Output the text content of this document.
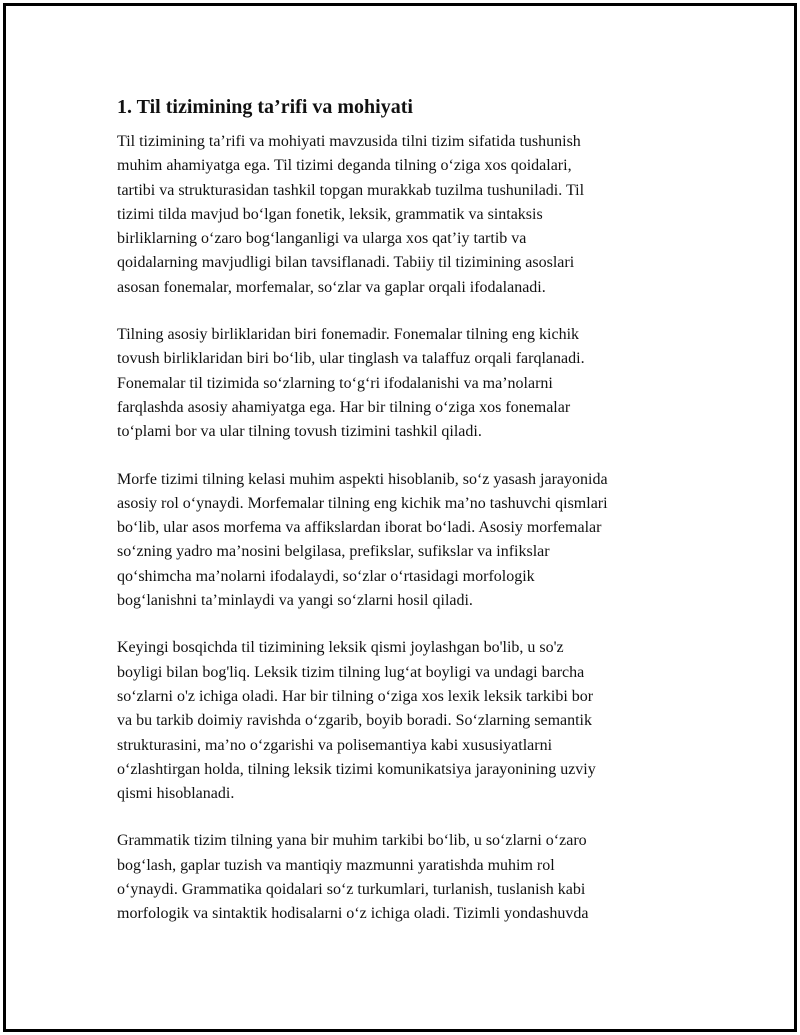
1. Til tizimining ta’rifi va mohiyati

Til tizimining ta’rifi va mohiyati mavzusida tilni tizim sifatida tushunish
muhim ahamiyatga ega. Til tizimi deganda tilning o‘ziga xos qoidalari,
tartibi va strukturasidan tashkil topgan murakkab tuzilma tushuniladi. Til
tizimi tilda mavjud bo‘lgan fonetik, leksik, grammatik va sintaksis
birliklarning o‘zaro bog‘langanligi va ularga xos qat’iy tartib va
qoidalarning mavjudligi bilan tavsiflanadi. Tabiiy til tizimining asoslari
asosan fonemalar, morfemalar, so‘zlar va gaplar orqali ifodalanadi.

Tilning asosiy birliklaridan biri fonemadir. Fonemalar tilning eng kichik
tovush birliklaridan biri bo‘lib, ular tinglash va talaffuz orqali farqlanadi.
Fonemalar til tizimida so‘zlarning to‘g‘ri ifodalanishi va ma’nolarni
farqlashda asosiy ahamiyatga ega. Har bir tilning o‘ziga xos fonemalar
to‘plami bor va ular tilning tovush tizimini tashkil qiladi.

Morfe tizimi tilning kelasi muhim aspekti hisoblanib, so‘z yasash jarayonida
asosiy rol o‘ynaydi. Morfemalar tilning eng kichik ma’no tashuvchi qismlari
bo‘lib, ular asos morfema va affikslardan iborat bo‘ladi. Asosiy morfemalar
so‘zning yadro ma’nosini belgilasa, prefikslar, sufikslar va infikslar
qo‘shimcha ma’nolarni ifodalaydi, so‘zlar o‘rtasidagi morfologik
bog‘lanishni ta’minlaydi va yangi so‘zlarni hosil qiladi.

Keyingi bosqichda til tizimining leksik qismi joylashgan bo'lib, u so'z
boyligi bilan bog'liq. Leksik tizim tilning lug‘at boyligi va undagi barcha
so‘zlarni o'z ichiga oladi. Har bir tilning o‘ziga xos lexik leksik tarkibi bor
va bu tarkib doimiy ravishda o‘zgarib, boyib boradi. So‘zlarning semantik
strukturasini, ma’no o‘zgarishi va polisemantiya kabi xususiyatlarni
o‘zlashtirgan holda, tilning leksik tizimi komunikatsiya jarayonining uzviy
qismi hisoblanadi.

Grammatik tizim tilning yana bir muhim tarkibi bo‘lib, u so‘zlarni o‘zaro
bog‘lash, gaplar tuzish va mantiqiy mazmunni yaratishda muhim rol
o‘ynaydi. Grammatika qoidalari so‘z turkumlari, turlanish, tuslanish kabi
morfologik va sintaktik hodisalarni o‘z ichiga oladi. Tizimli yondashuvda
